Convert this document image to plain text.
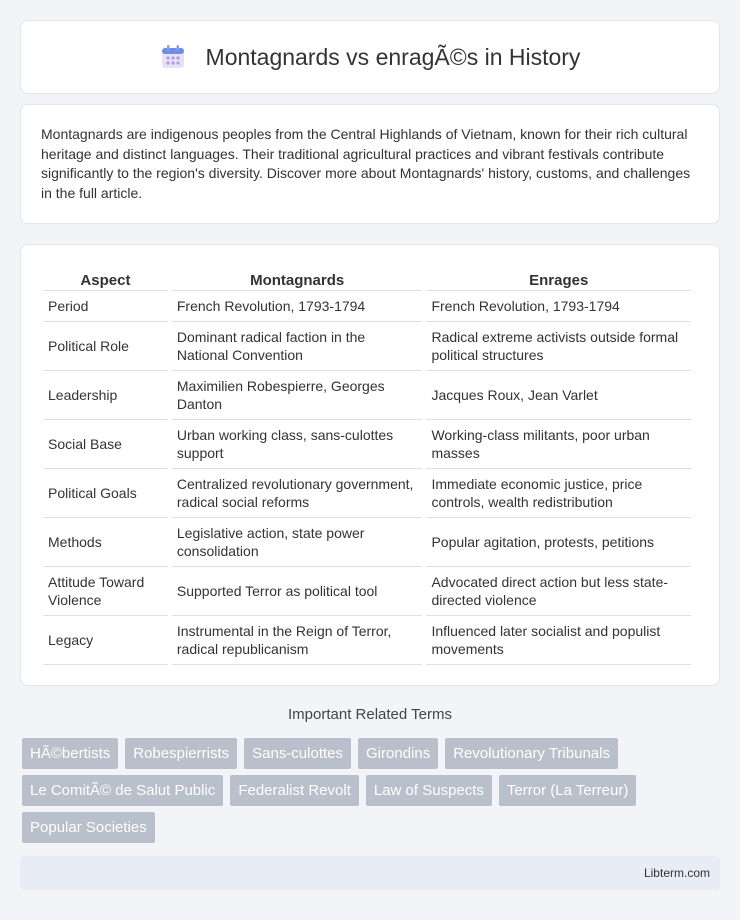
Montagnards vs enragÃ©s in History

Montagnards are indigenous peoples from the Central Highlands of Vietnam, known for their rich cultural heritage and distinct languages. Their traditional agricultural practices and vibrant festivals contribute significantly to the region's diversity. Discover more about Montagnards' history, customs, and challenges in the full article.

Aspect	Montagnards	Enrages
Period	French Revolution, 1793-1794	French Revolution, 1793-1794
Political Role	Dominant radical faction in the National Convention	Radical extreme activists outside formal political structures
Leadership	Maximilien Robespierre, Georges Danton	Jacques Roux, Jean Varlet
Social Base	Urban working class, sans-culottes support	Working-class militants, poor urban masses
Political Goals	Centralized revolutionary government, radical social reforms	Immediate economic justice, price controls, wealth redistribution
Methods	Legislative action, state power consolidation	Popular agitation, protests, petitions
Attitude Toward Violence	Supported Terror as political tool	Advocated direct action but less state-directed violence
Legacy	Instrumental in the Reign of Terror, radical republicanism	Influenced later socialist and populist movements
Important Related Terms
HÃ©bertists	Robespierrists	Sans-culottes	Girondins	Revolutionary Tribunals
Le ComitÃ© de Salut Public	Federalist Revolt	Law of Suspects	Terror (La Terreur)
Popular Societies
Libterm.com
